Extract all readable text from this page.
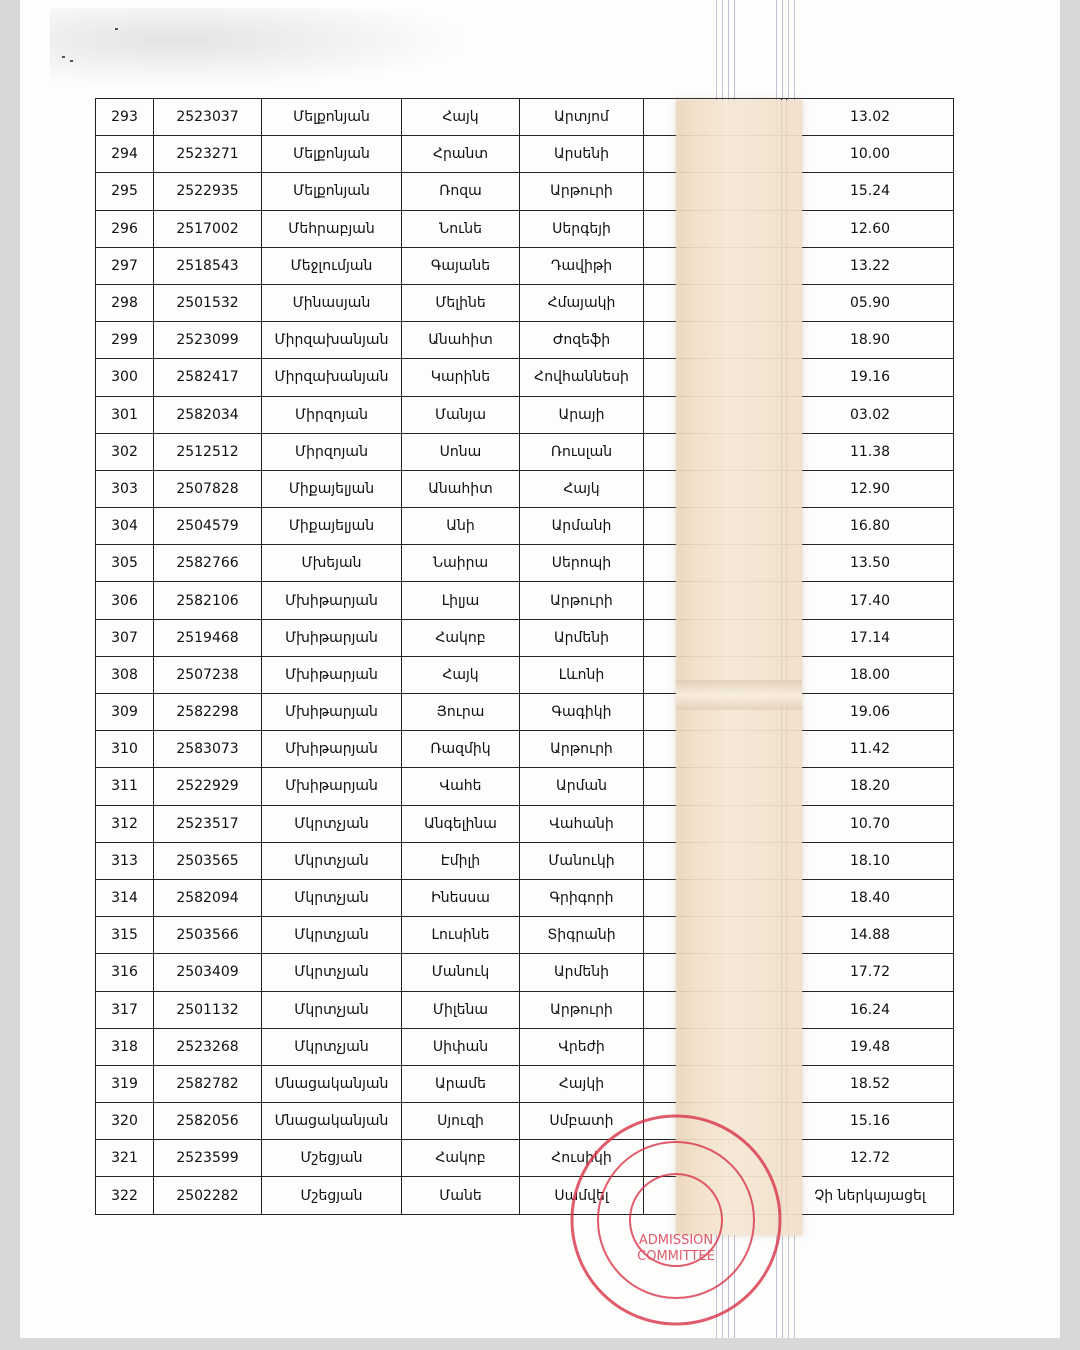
293	2523037	Մելքոնյան	Հայկ	Արտյոմ			13.02
294	2523271	Մելքոնյան	Հրանտ	Արսենի			10.00
295	2522935	Մելքոնյան	Ռոզա	Արթուրի			15.24
296	2517002	Մեհրաբյան	Նունե	Սերգեյի			12.60
297	2518543	Մեջլումյան	Գայանե	Դավիթի			13.22
298	2501532	Մինասյան	Մելինե	Հմայակի			05.90
299	2523099	Միրզախանյան	Անահիտ	Ժոզեֆի			18.90
300	2582417	Միրզախանյան	Կարինե	Հովհաննեսի			19.16
301	2582034	Միրզոյան	Մանյա	Արայի			03.02
302	2512512	Միրզոյան	Սոնա	Ռուսլան			11.38
303	2507828	Միքայելյան	Անահիտ	Հայկ			12.90
304	2504579	Միքայելյան	Անի	Արմանի			16.80
305	2582766	Մխեյան	Նաիրա	Սերոպի			13.50
306	2582106	Մխիթարյան	Լիլյա	Արթուրի			17.40
307	2519468	Մխիթարյան	Հակոբ	Արմենի			17.14
308	2507238	Մխիթարյան	Հայկ	Լևոնի			18.00
309	2582298	Մխիթարյան	Յուրա	Գագիկի			19.06
310	2583073	Մխիթարյան	Ռազմիկ	Արթուրի			11.42
311	2522929	Մխիթարյան	Վահե	Արման			18.20
312	2523517	Մկրտչյան	Անգելինա	Վահանի			10.70
313	2503565	Մկրտչյան	Էմիլի	Մանուկի			18.10
314	2582094	Մկրտչյան	Ինեսսա	Գրիգորի			18.40
315	2503566	Մկրտչյան	Լուսինե	Տիգրանի			14.88
316	2503409	Մկրտչյան	Մանուկ	Արմենի			17.72
317	2501132	Մկրտչյան	Միլենա	Արթուրի			16.24
318	2523268	Մկրտչյան	Սիփան	Վրեժի			19.48
319	2582782	Մնացականյան	Արամե	Հայկի			18.52
320	2582056	Մնացականյան	Սյուզի	Սմբատի			15.16
321	2523599	Մշեցյան	Հակոբ	Հուսիկի			12.72
322	2502282	Մշեցյան	Մանե	Սամվել			Չի ներկայացել
ADMISSION
COMMITTEE
